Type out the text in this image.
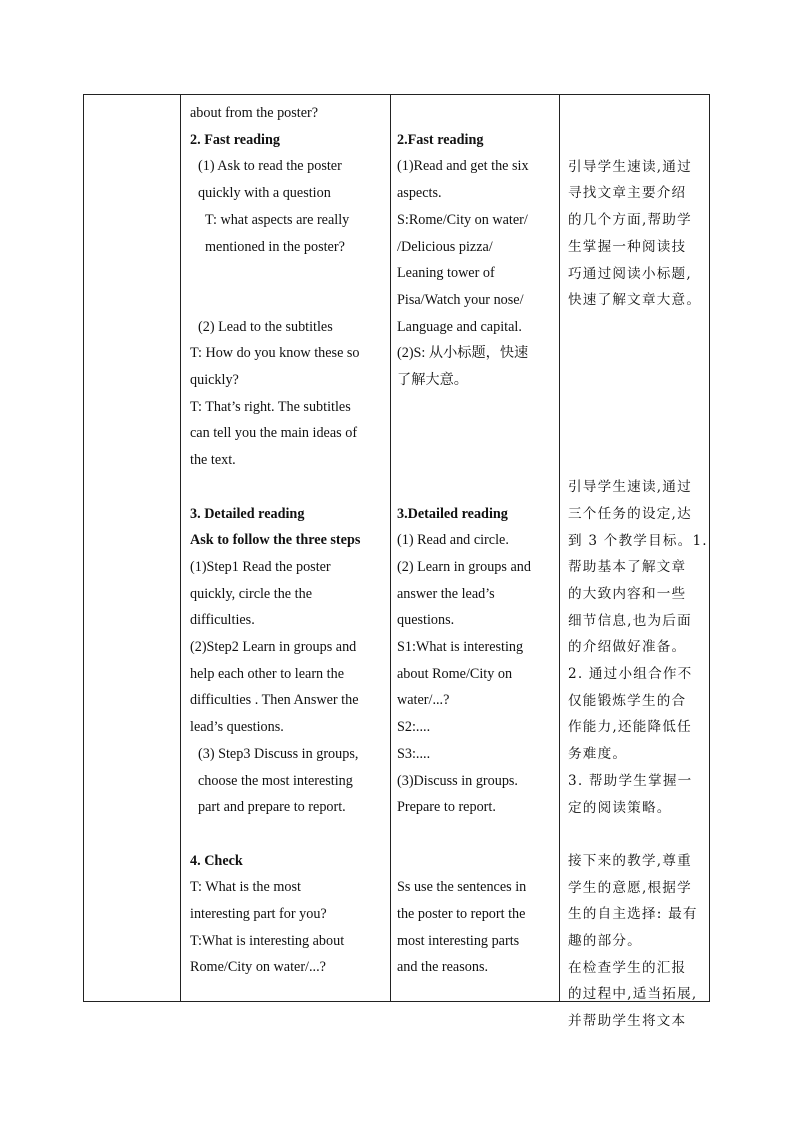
about from the poster?
2. Fast reading
(1) Ask to read the poster
quickly with a question
T: what aspects are really
mentioned in the poster?
(2) Lead to the subtitles
T: How do you know these so
quickly?
T: That’s right. The subtitles
can tell you the main ideas of
the text.
3. Detailed reading
Ask to follow the three steps
(1)Step1 Read the poster
quickly, circle the the
difficulties.
(2)Step2 Learn in groups and
help each other to learn the
difficulties . Then Answer the
lead’s questions.
(3) Step3 Discuss in groups,
choose the most interesting
part and prepare to report.
4. Check
T: What is the most
interesting part for you?
T:What is interesting about
Rome/City on water/...?
2.Fast reading
(1)Read and get the six
aspects.
S:Rome/City on water/
/Delicious pizza/
Leaning tower of
Pisa/Watch your nose/
Language and capital.
(2)S: 从小标题，快速
了解大意。
3.Detailed reading
(1) Read and circle.
(2) Learn in groups and
answer the lead’s
questions.
S1:What is interesting
about Rome/City on
water/...?
S2:....
S3:....
(3)Discuss in groups.
Prepare to report.
Ss use the sentences in
the poster to report the
most interesting parts
and the reasons.
引导学生速读,通过
寻找文章主要介绍
的几个方面,帮助学
生掌握一种阅读技
巧通过阅读小标题,
快速了解文章大意。
引导学生速读,通过
三个任务的设定,达
到 3 个教学目标。1.
帮助基本了解文章
的大致内容和一些
细节信息,也为后面
的介绍做好准备。
2. 通过小组合作不
仅能锻炼学生的合
作能力,还能降低任
务难度。
3. 帮助学生掌握一
定的阅读策略。
接下来的教学,尊重
学生的意愿,根据学
生的自主选择: 最有
趣的部分。
在检查学生的汇报
的过程中,适当拓展,
并帮助学生将文本
